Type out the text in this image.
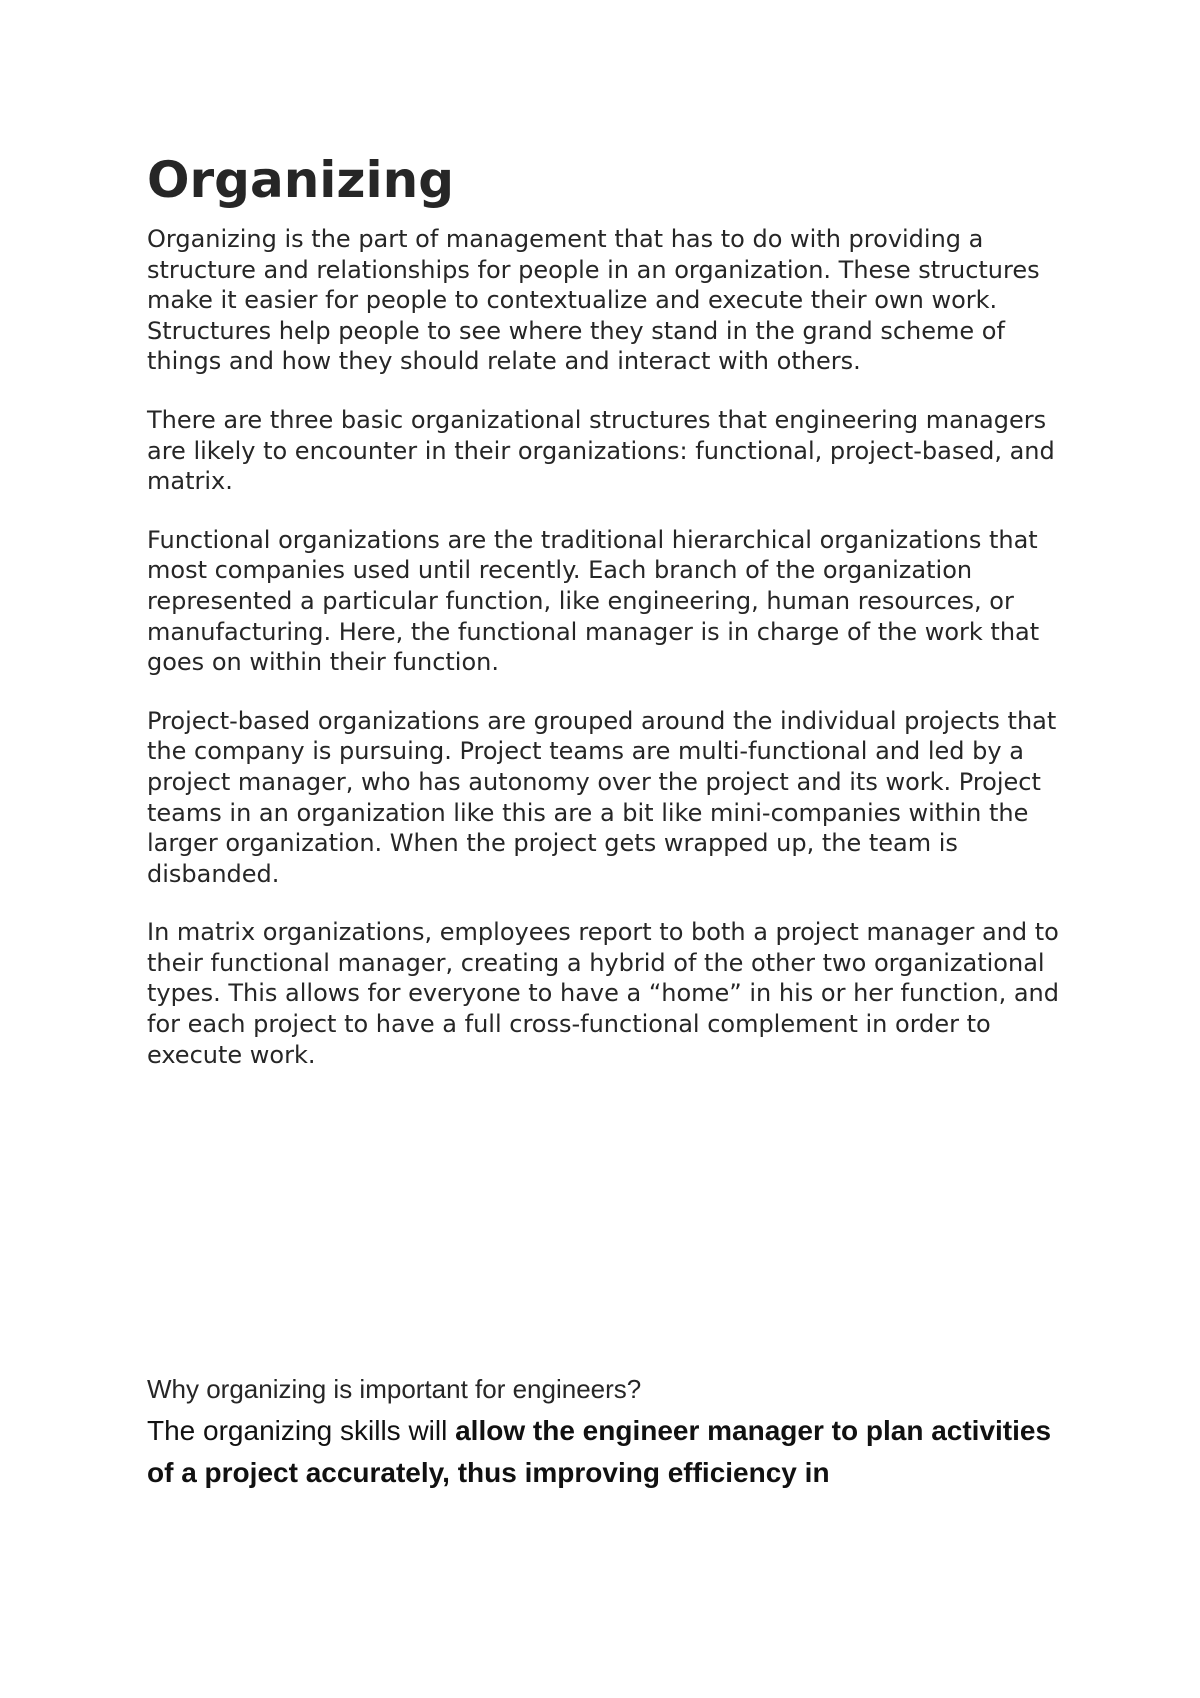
Organizing

Organizing is the part of management that has to do with providing a structure and relationships for people in an organization. These structures make it easier for people to contextualize and execute their own work. Structures help people to see where they stand in the grand scheme of things and how they should relate and interact with others.

There are three basic organizational structures that engineering managers are likely to encounter in their organizations: functional, project-based, and matrix.

Functional organizations are the traditional hierarchical organizations that most companies used until recently. Each branch of the organization represented a particular function, like engineering, human resources, or manufacturing. Here, the functional manager is in charge of the work that goes on within their function.

Project-based organizations are grouped around the individual projects that the company is pursuing. Project teams are multi-functional and led by a project manager, who has autonomy over the project and its work. Project teams in an organization like this are a bit like mini-companies within the larger organization. When the project gets wrapped up, the team is disbanded.

In matrix organizations, employees report to both a project manager and to their functional manager, creating a hybrid of the other two organizational types. This allows for everyone to have a “home” in his or her function, and for each project to have a full cross-functional complement in order to execute work.

Why organizing is important for engineers?

The organizing skills will allow the engineer manager to plan activities of a project accurately, thus improving efficiency in
